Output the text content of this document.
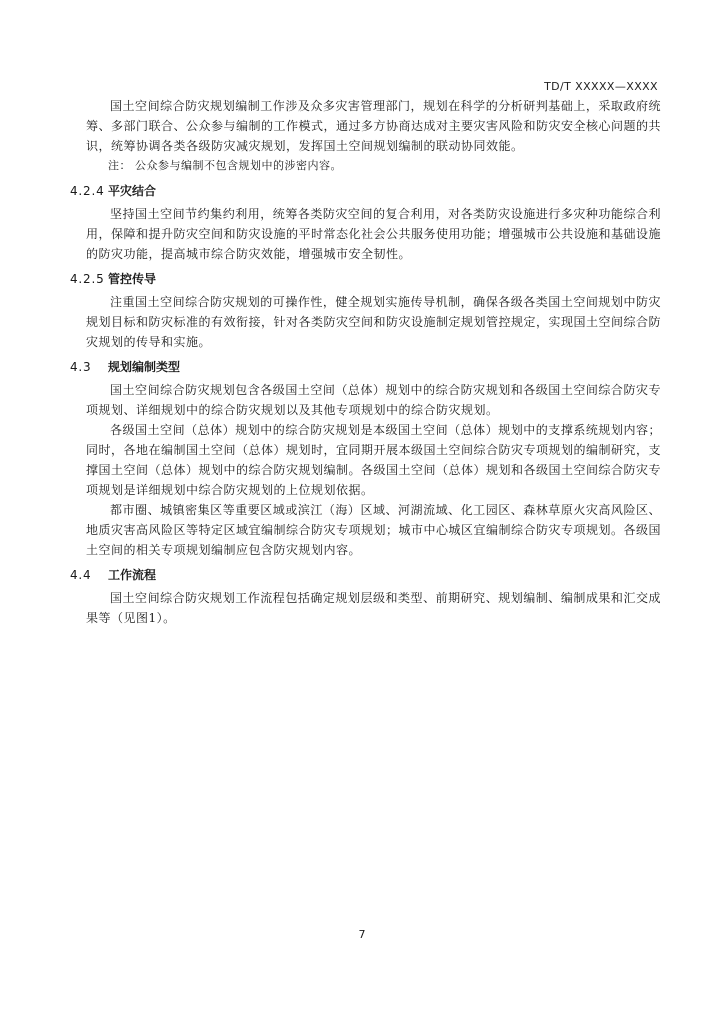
TD/T XXXXX—XXXX

国土空间综合防灾规划编制工作涉及众多灾害管理部门，规划在科学的分析研判基础上，采取政府统筹、多部门联合、公众参与编制的工作模式，通过多方协商达成对主要灾害风险和防灾安全核心问题的共识，统筹协调各类各级防灾减灾规划，发挥国土空间规划编制的联动协同效能。

注： 公众参与编制不包含规划中的涉密内容。

4.2.4 平灾结合

坚持国土空间节约集约利用，统筹各类防灾空间的复合利用，对各类防灾设施进行多灾种功能综合利用，保障和提升防灾空间和防灾设施的平时常态化社会公共服务使用功能；增强城市公共设施和基础设施的防灾功能，提高城市综合防灾效能，增强城市安全韧性。

4.2.5 管控传导

注重国土空间综合防灾规划的可操作性，健全规划实施传导机制，确保各级各类国土空间规划中防灾规划目标和防灾标准的有效衔接，针对各类防灾空间和防灾设施制定规划管控规定，实现国土空间综合防灾规划的传导和实施。

4.3	规划编制类型

国土空间综合防灾规划包含各级国土空间（总体）规划中的综合防灾规划和各级国土空间综合防灾专项规划、详细规划中的综合防灾规划以及其他专项规划中的综合防灾规划。

各级国土空间（总体）规划中的综合防灾规划是本级国土空间（总体）规划中的支撑系统规划内容；同时，各地在编制国土空间（总体）规划时，宜同期开展本级国土空间综合防灾专项规划的编制研究，支撑国土空间（总体）规划中的综合防灾规划编制。各级国土空间（总体）规划和各级国土空间综合防灾专项规划是详细规划中综合防灾规划的上位规划依据。

都市圈、城镇密集区等重要区域或滨江（海）区域、河湖流域、化工园区、森林草原火灾高风险区、地质灾害高风险区等特定区域宜编制综合防灾专项规划；城市中心城区宜编制综合防灾专项规划。各级国土空间的相关专项规划编制应包含防灾规划内容。

4.4	工作流程

国土空间综合防灾规划工作流程包括确定规划层级和类型、前期研究、规划编制、编制成果和汇交成果等（见图1）。

7
